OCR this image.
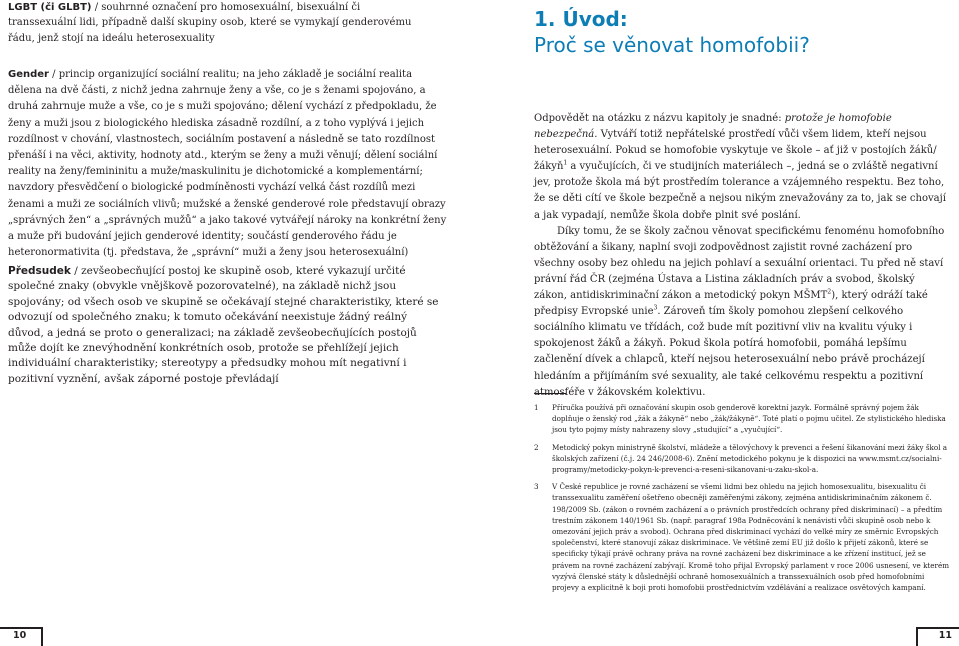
LGBT (či GLBT) / souhrnné označení pro homosexuální, bisexuální či transsexuální lidi, případně další skupiny osob, které se vymykají genderovému řádu, jenž stojí na ideálu heterosexuality

Gender / princip organizující sociální realitu; na jeho základě je sociální realita dělena na dvě části, z nichž jedna zahrnuje ženy a vše, co je s ženami spojováno, a druhá zahrnuje muže a vše, co je s muži spojováno; dělení vychází z předpokladu, že ženy a muži jsou z biologického hlediska zásadně rozdílní, a z toho vyplývá i jejich rozdílnost v chování, vlastnostech, sociálním postavení a následně se tato rozdílnost přenáší i na věci, aktivity, hodnoty atd., kterým se ženy a muži věnují; dělení sociální reality na ženy/femininitu a muže/maskulinitu je dichotomické a komplementární; navzdory přesvědčení o biologické podmíněnosti vychází velká část rozdílů mezi ženami a muži ze sociálních vlivů; mužské a ženské genderové role představují obrazy „správných žen“ a „správných mužů“ a jako takové vytvářejí nároky na konkrétní ženy a muže při budování jejich genderové identity; součástí genderového řádu je heteronormativita (tj. představa, že „správní“ muži a ženy jsou heterosexuální)

Předsudek / zevšeobecňující postoj ke skupině osob, které vykazují určité společné znaky (obvykle vnějškově pozorovatelné), na základě nichž jsou spojovány; od všech osob ve skupině se očekávají stejné charakteristiky, které se odvozují od společného znaku; k tomuto očekávání neexistuje žádný reálný důvod, a jedná se proto o generalizaci; na základě zevšeobecňujících postojů může dojít ke znevýhodnění konkrétních osob, protože se přehlížejí jejich individuální charakteristiky; stereotypy a předsudky mohou mít negativní i pozitivní vyznění, avšak záporné postoje převládají

10
1. Úvod:
Proč se věnovat homofobii?

Odpovědět na otázku z názvu kapitoly je snadné: protože je homofobie nebezpečná. Vytváří totiž nepřátelské prostředí vůči všem lidem, kteří nejsou heterosexuální. Pokud se homofobie vyskytuje ve škole – ať již v postojích žáků/žákyň$^1$ a vyučujících, či ve studijních materiálech –, jedná se o zvláště negativní jev, protože škola má být prostředím tolerance a vzájemného respektu. Bez toho, že se děti cítí ve škole bezpečně a nejsou nikým znevažovány za to, jak se chovají a jak vypadají, nemůže škola dobře plnit své poslání.

Díky tomu, že se školy začnou věnovat specifickému fenoménu homofobního obtěžování a šikany, naplní svoji zodpovědnost zajistit rovné zacházení pro všechny osoby bez ohledu na jejich pohlaví a sexuální orientaci. Tu před ně staví právní řád ČR (zejména Ústava a Listina základních práv a svobod, školský zákon, antidiskriminační zákon a metodický pokyn MŠMT$^2$), který odráží také předpisy Evropské unie$^3$. Zároveň tím školy pomohou zlepšení celkového sociálního klimatu ve třídách, což bude mít pozitivní vliv na kvalitu výuky i spokojenost žáků a žákyň. Pokud škola potírá homofobii, pomáhá lepšímu začlenění dívek a chlapců, kteří nejsou heterosexuální nebo právě procházejí hledáním a přijímáním své sexuality, ale také celkovému respektu a pozitivní atmosféře v žákovském kolektivu.

1 Příručka používá při označování skupin osob genderově korektní jazyk. Formálně správný pojem žák doplňuje o ženský rod „žák a žákyně“ nebo „žák/žákyně“. Toté platí o pojmu učitel. Ze stylistického hlediska jsou tyto pojmy místy nahrazeny slovy „studující“ a „vyučující“.

2 Metodický pokyn ministryně školství, mládeže a tělovýchovy k prevenci a řešení šikanování mezi žáky škol a školských zařízení (č.j. 24 246/2008-6). Znění metodického pokynu je k dispozici na www.msmt.cz/socialni-programy/metodicky-pokyn-k-prevenci-a-reseni-sikanovani-u-zaku-skol-a.

3 V České republice je rovné zacházení se všemi lidmi bez ohledu na jejich homosexualitu, bisexualitu či transsexualitu zaměření ošetřeno obecněji zaměřenými zákony, zejména antidiskriminačním zákonem č. 198/2009 Sb. (zákon o rovném zacházení a o právních prostředcích ochrany před diskriminací) – a předtím trestním zákonem 140/1961 Sb. (např. paragraf 198a Podněcování k nenávisti vůči skupině osob nebo k omezování jejich práv a svobod). Ochrana před diskriminací vychází do velké míry ze směrnic Evropských společenství, které stanovují zákaz diskriminace. Ve většině zemí EU již došlo k přijetí zákonů, které se specificky týkají právě ochrany práva na rovné zacházení bez diskriminace a ke zřízení institucí, jež se právem na rovné zacházení zabývají. Kromě toho přijal Evropský parlament v roce 2006 usnesení, ve kterém vyzývá členské státy k důslednější ochraně homosexuálních a transsexuálních osob před homofobními projevy a explicitně k boji proti homofobii prostřednictvím vzdělávání a realizace osvětových kampaní.

11
